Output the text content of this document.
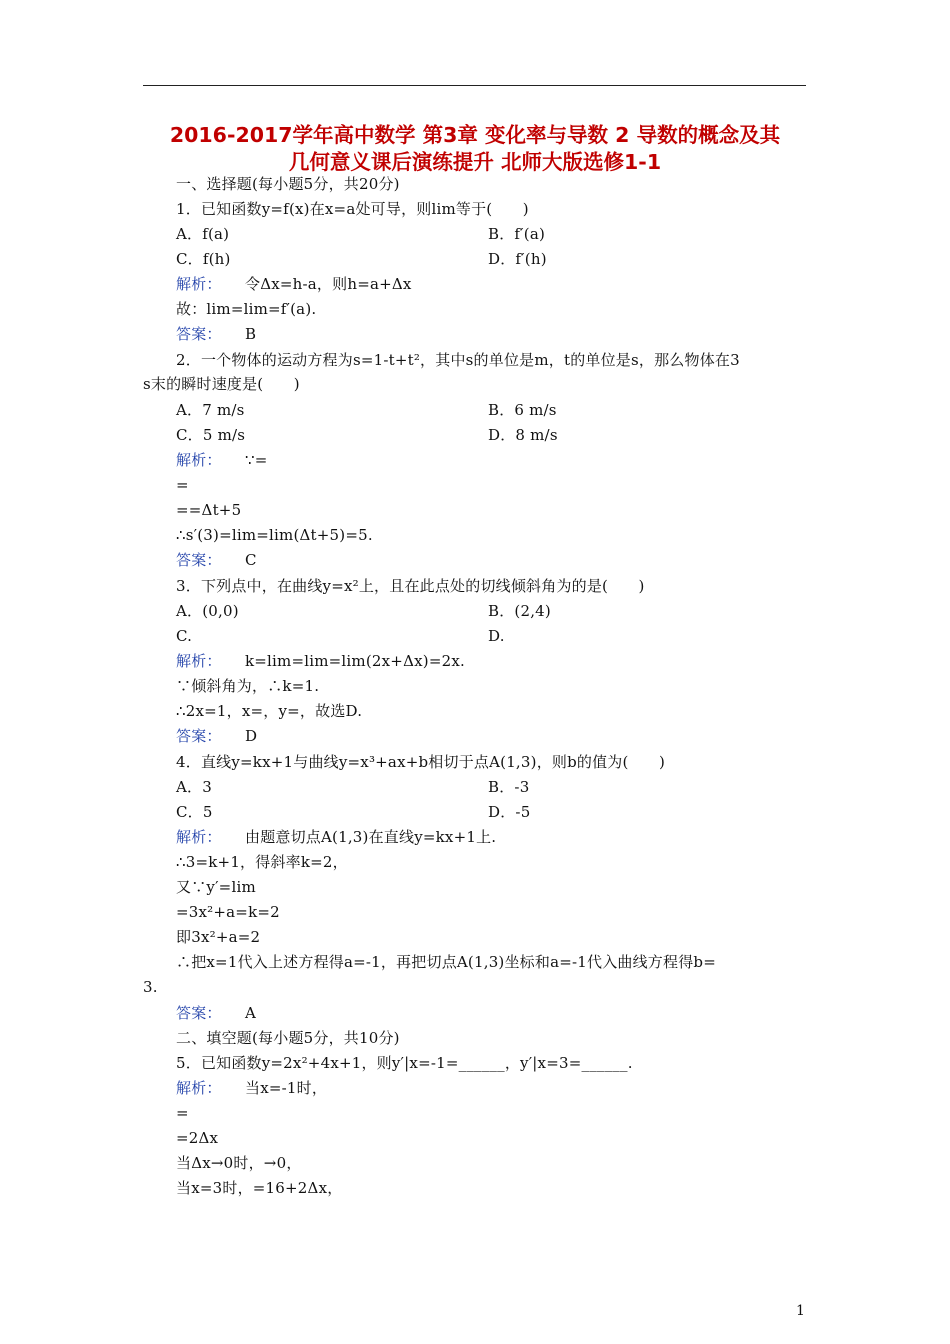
2016-2017学年高中数学 第3章 变化率与导数 2 导数的概念及其
几何意义课后演练提升 北师大版选修1-1
一、选择题(每小题5分，共20分)
1．已知函数y=f(x)在x=a处可导，则lim等于(　　)
A．f(a)	B．f′(a)
C．f(h)	D．f′(h)
解析： 令Δx=h-a，则h=a+Δx
故：lim=lim=f′(a).
答案： B
2．一个物体的运动方程为s=1-t+t²，其中s的单位是m，t的单位是s，那么物体在3
s末的瞬时速度是(　　)
A．7 m/s	B．6 m/s
C．5 m/s	D．8 m/s
解析： ∵=
=
==Δt+5
∴s′(3)=lim=lim(Δt+5)=5.
答案： C
3．下列点中，在曲线y=x²上，且在此点处的切线倾斜角为的是(　　)
A．(0,0)	B．(2,4)
C.	D.
解析： k=lim=lim=lim(2x+Δx)=2x.
∵倾斜角为，∴k=1.
∴2x=1，x=，y=，故选D.
答案： D
4．直线y=kx+1与曲线y=x³+ax+b相切于点A(1,3)，则b的值为(　　)
A．3	B．-3
C．5	D．-5
解析： 由题意切点A(1,3)在直线y=kx+1上.
∴3=k+1，得斜率k=2，
又∵y′=lim
=3x²+a=k=2
即3x²+a=2
∴把x=1代入上述方程得a=-1，再把切点A(1,3)坐标和a=-1代入曲线方程得b=
3.
答案： A
二、填空题(每小题5分，共10分)
5．已知函数y=2x²+4x+1，则y′|x=-1=______，y′|x=3=______.
解析： 当x=-1时，
=
=2Δx
当Δx→0时，→0，
当x=3时，=16+2Δx，
1
